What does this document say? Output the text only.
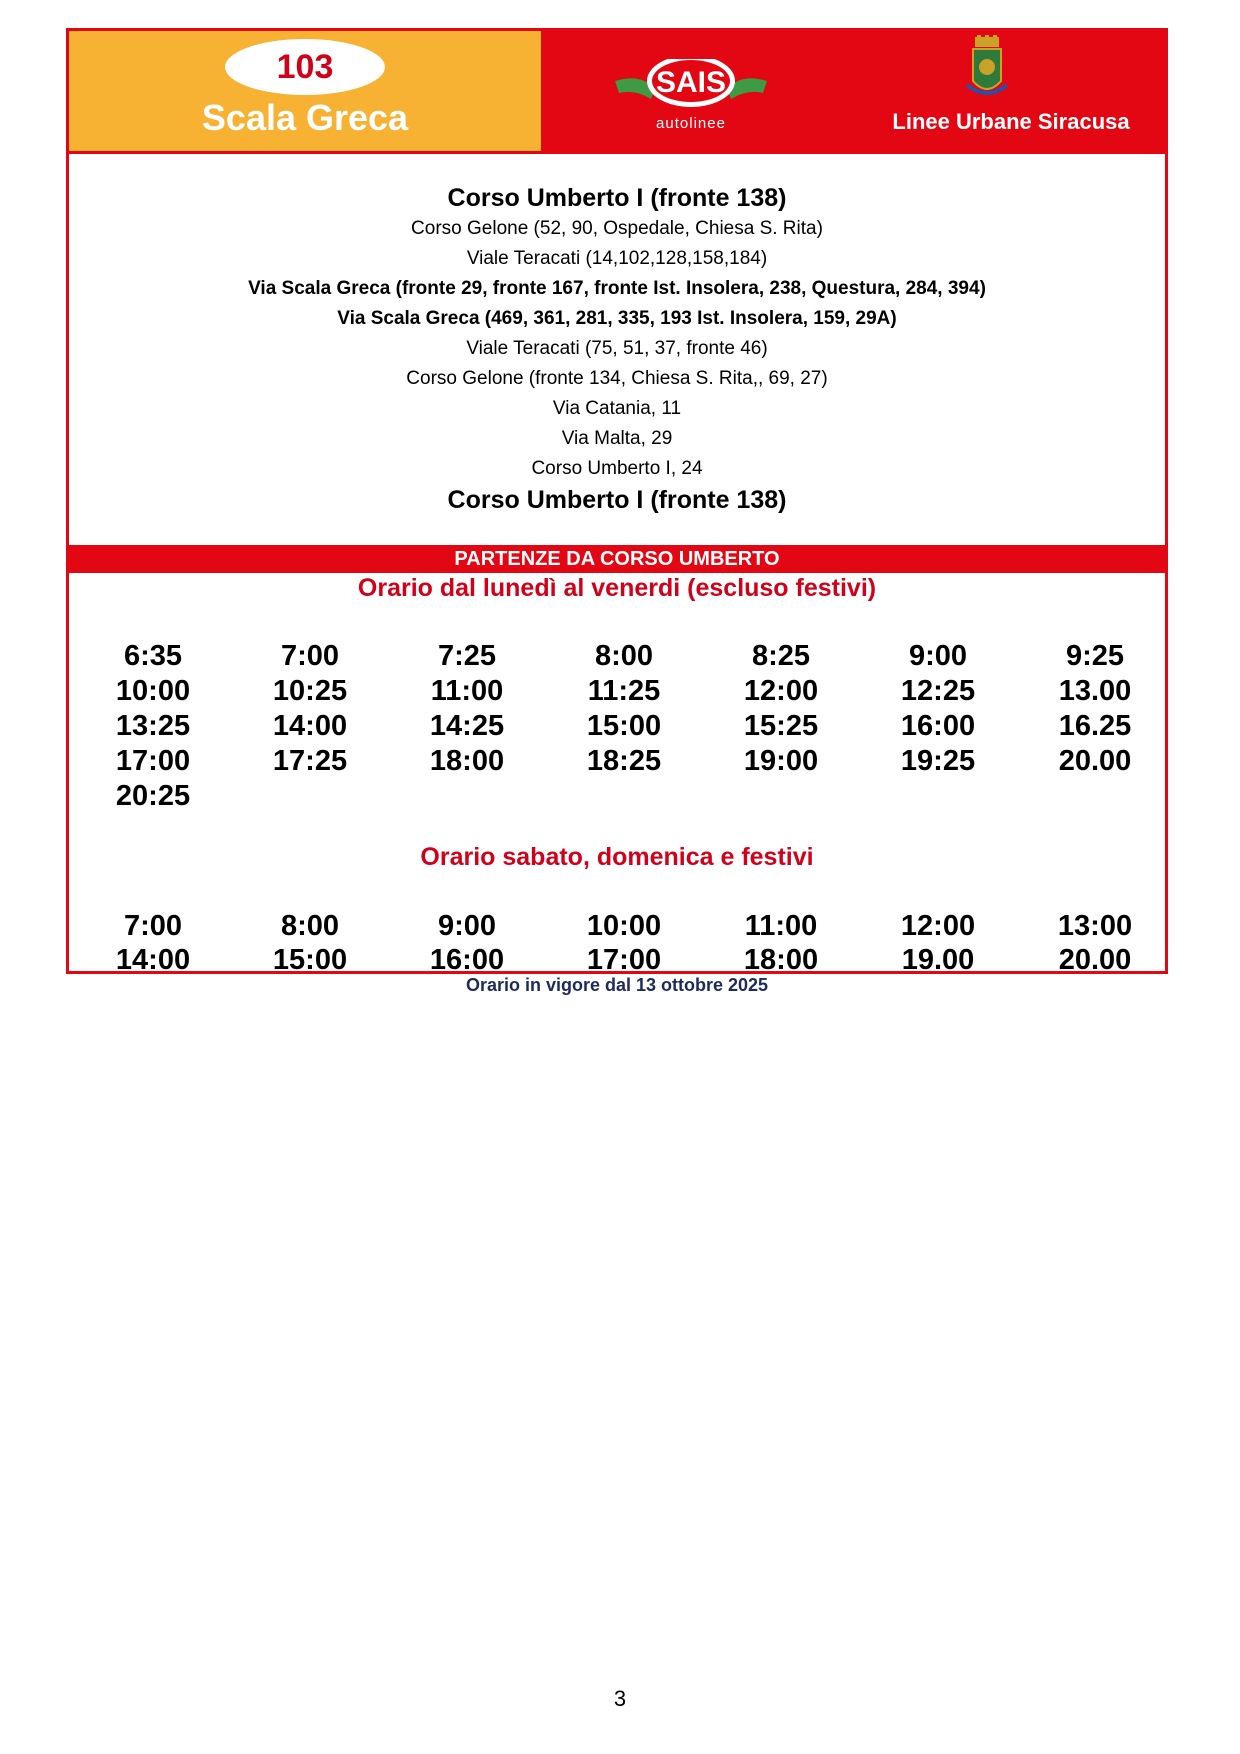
103
Scala Greca
SAIS
autolinee	Linee Urbane Siracusa
Corso Umberto I (fronte 138)
Corso Gelone (52, 90, Ospedale, Chiesa S. Rita)
Viale Teracati (14,102,128,158,184)
Via Scala Greca (fronte 29, fronte 167, fronte Ist. Insolera, 238, Questura, 284, 394)
Via Scala Greca (469, 361, 281, 335, 193 Ist. Insolera, 159, 29A)
Viale Teracati (75, 51, 37, fronte 46)
Corso Gelone (fronte 134, Chiesa S. Rita,, 69, 27)
Via Catania, 11
Via Malta, 29
Corso Umberto I, 24
Corso Umberto I (fronte 138)
PARTENZE DA CORSO UMBERTO
Orario dal lunedì al venerdi (escluso festivi)
6:35	7:00	7:25	8:00	8:25	9:00	9:25
10:00	10:25	11:00	11:25	12:00	12:25	13.00
13:25	14:00	14:25	15:00	15:25	16:00	16.25
17:00	17:25	18:00	18:25	19:00	19:25	20.00
20:25
Orario sabato, domenica e festivi
7:00	8:00	9:00	10:00	11:00	12:00	13:00
14:00	15:00	16:00	17:00	18:00	19.00	20.00
Orario in vigore dal 13 ottobre 2025
3
